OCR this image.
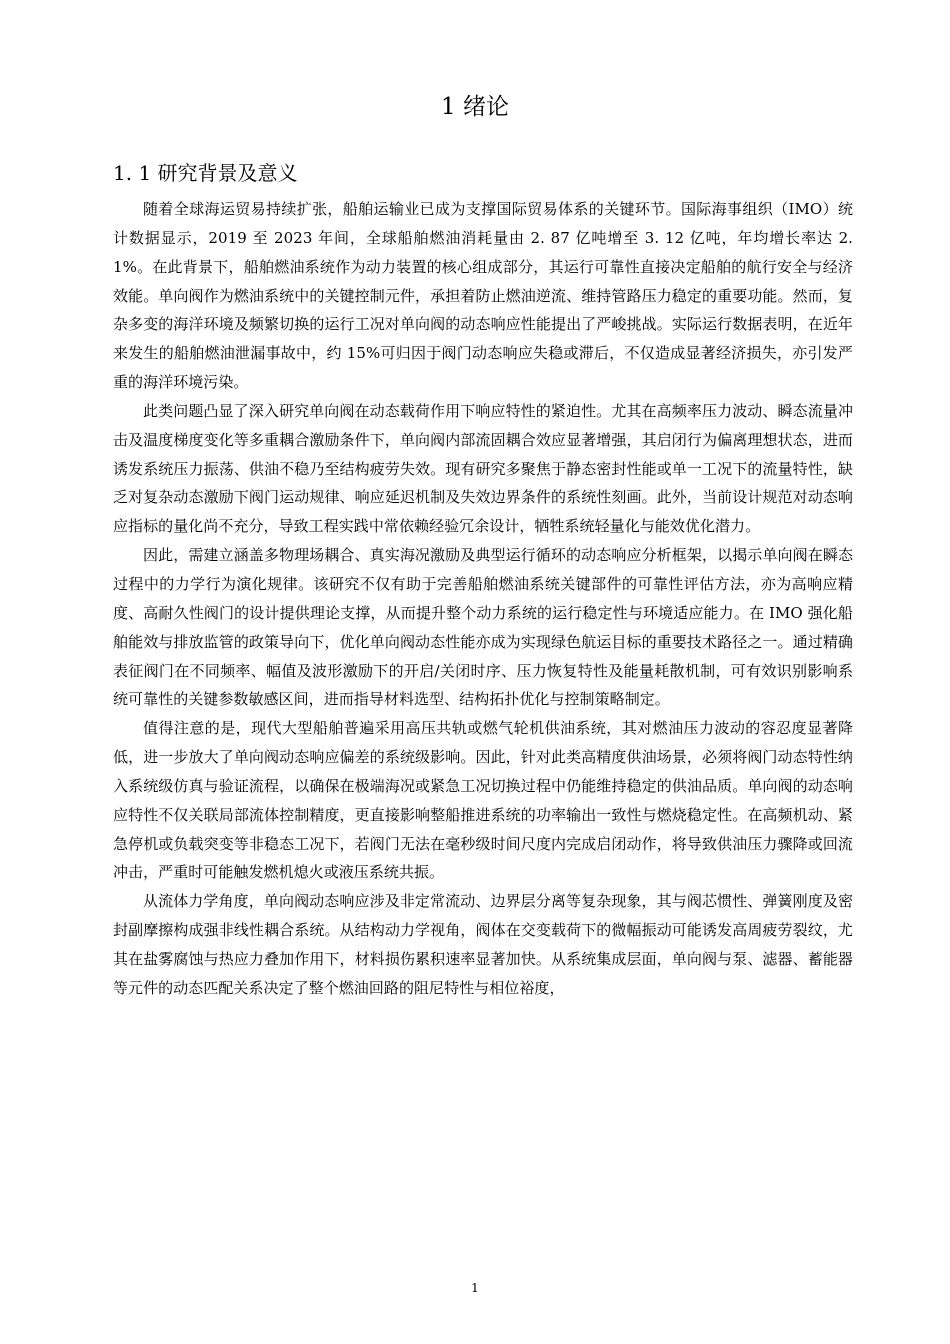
1 绪论
1. 1 研究背景及意义

随着全球海运贸易持续扩张，船舶运输业已成为支撑国际贸易体系的关键环节。国际海事组织（IMO）统计数据显示，2019 至 2023 年间，全球船舶燃油消耗量由 2. 87 亿吨增至 3. 12 亿吨，年均增长率达 2. 1%。在此背景下，船舶燃油系统作为动力装置的核心组成部分，其运行可靠性直接决定船舶的航行安全与经济效能。单向阀作为燃油系统中的关键控制元件，承担着防止燃油逆流、维持管路压力稳定的重要功能。然而，复杂多变的海洋环境及频繁切换的运行工况对单向阀的动态响应性能提出了严峻挑战。实际运行数据表明，在近年来发生的船舶燃油泄漏事故中，约 15%可归因于阀门动态响应失稳或滞后，不仅造成显著经济损失，亦引发严重的海洋环境污染。

此类问题凸显了深入研究单向阀在动态载荷作用下响应特性的紧迫性。尤其在高频率压力波动、瞬态流量冲击及温度梯度变化等多重耦合激励条件下，单向阀内部流固耦合效应显著增强，其启闭行为偏离理想状态，进而诱发系统压力振荡、供油不稳乃至结构疲劳失效。现有研究多聚焦于静态密封性能或单一工况下的流量特性，缺乏对复杂动态激励下阀门运动规律、响应延迟机制及失效边界条件的系统性刻画。此外，当前设计规范对动态响应指标的量化尚不充分，导致工程实践中常依赖经验冗余设计，牺牲系统轻量化与能效优化潜力。

因此，需建立涵盖多物理场耦合、真实海况激励及典型运行循环的动态响应分析框架，以揭示单向阀在瞬态过程中的力学行为演化规律。该研究不仅有助于完善船舶燃油系统关键部件的可靠性评估方法，亦为高响应精度、高耐久性阀门的设计提供理论支撑，从而提升整个动力系统的运行稳定性与环境适应能力。在 IMO 强化船舶能效与排放监管的政策导向下，优化单向阀动态性能亦成为实现绿色航运目标的重要技术路径之一。通过精确表征阀门在不同频率、幅值及波形激励下的开启/关闭时序、压力恢复特性及能量耗散机制，可有效识别影响系统可靠性的关键参数敏感区间，进而指导材料选型、结构拓扑优化与控制策略制定。

值得注意的是，现代大型船舶普遍采用高压共轨或燃气轮机供油系统，其对燃油压力波动的容忍度显著降低，进一步放大了单向阀动态响应偏差的系统级影响。因此，针对此类高精度供油场景，必须将阀门动态特性纳入系统级仿真与验证流程，以确保在极端海况或紧急工况切换过程中仍能维持稳定的供油品质。单向阀的动态响应特性不仅关联局部流体控制精度，更直接影响整船推进系统的功率输出一致性与燃烧稳定性。在高频机动、紧急停机或负载突变等非稳态工况下，若阀门无法在毫秒级时间尺度内完成启闭动作，将导致供油压力骤降或回流冲击，严重时可能触发燃机熄火或液压系统共振。

从流体力学角度，单向阀动态响应涉及非定常流动、边界层分离等复杂现象，其与阀芯惯性、弹簧刚度及密封副摩擦构成强非线性耦合系统。从结构动力学视角，阀体在交变载荷下的微幅振动可能诱发高周疲劳裂纹，尤其在盐雾腐蚀与热应力叠加作用下，材料损伤累积速率显著加快。从系统集成层面，单向阀与泵、滤器、蓄能器等元件的动态匹配关系决定了整个燃油回路的阻尼特性与相位裕度，

1
